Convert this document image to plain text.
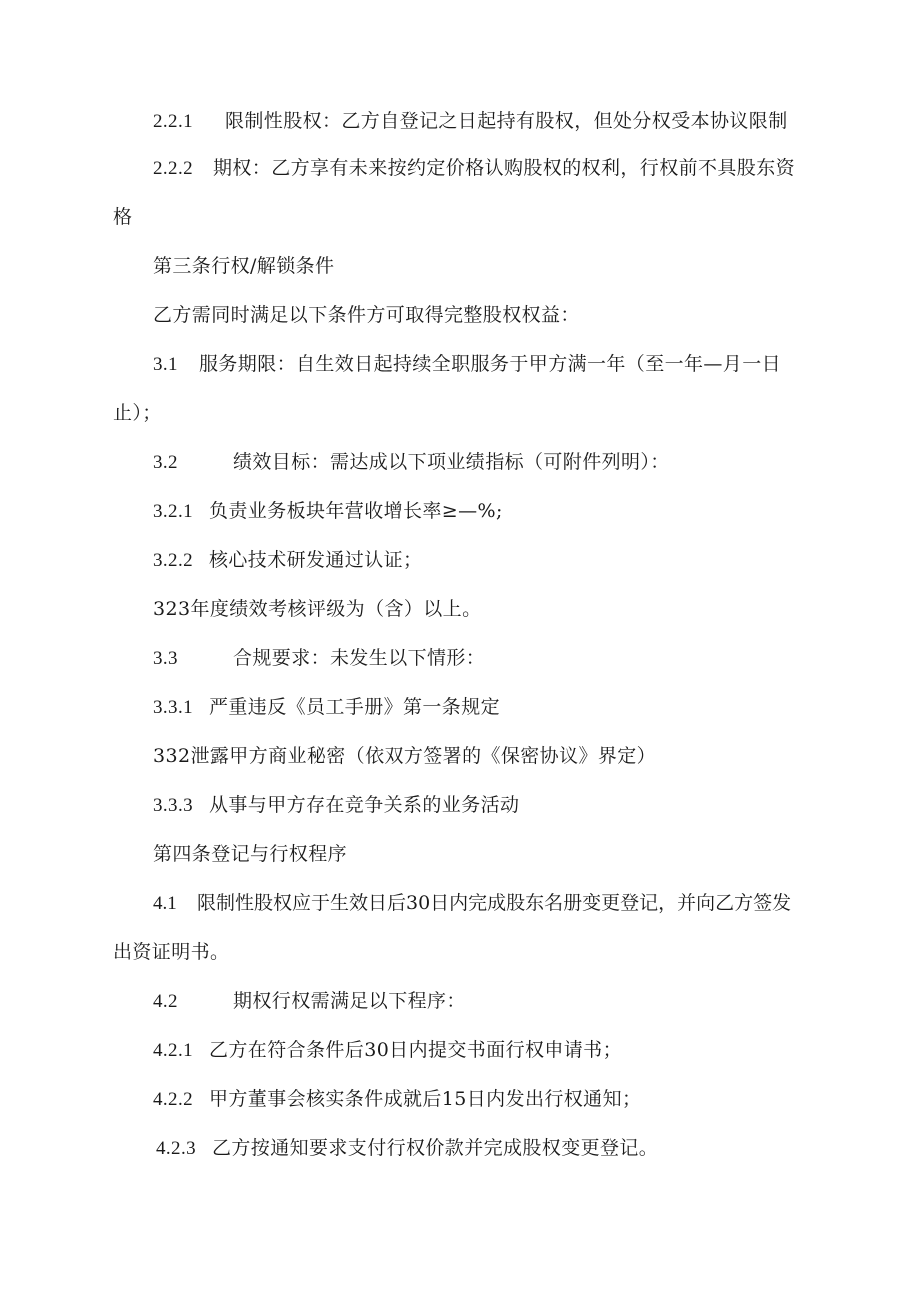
2.2.1 限制性股权：乙方自登记之日起持有股权，但处分权受本协议限制
2.2.2 期权：乙方享有未来按约定价格认购股权的权利，行权前不具股东资
格
第三条行权/解锁条件
乙方需同时满足以下条件方可取得完整股权权益：
3.1 服务期限：自生效日起持续全职服务于甲方满一年（至一年—月一日
止）；
3.2	绩效目标：需达成以下项业绩指标（可附件列明）：
3.2.1 负责业务板块年营收增长率≥—%;
3.2.2 核心技术研发通过认证；
323年度绩效考核评级为（含）以上。
3.3	合规要求：未发生以下情形：
3.3.1 严重违反《员工手册》第一条规定
332泄露甲方商业秘密（依双方签署的《保密协议》界定）
3.3.3 从事与甲方存在竞争关系的业务活动
第四条登记与行权程序
4.1 限制性股权应于生效日后30日内完成股东名册变更登记，并向乙方签发
出资证明书。
4.2	期权行权需满足以下程序：
4.2.1 乙方在符合条件后30日内提交书面行权申请书；
4.2.2 甲方董事会核实条件成就后15日内发出行权通知；
4.2.3 乙方按通知要求支付行权价款并完成股权变更登记。
